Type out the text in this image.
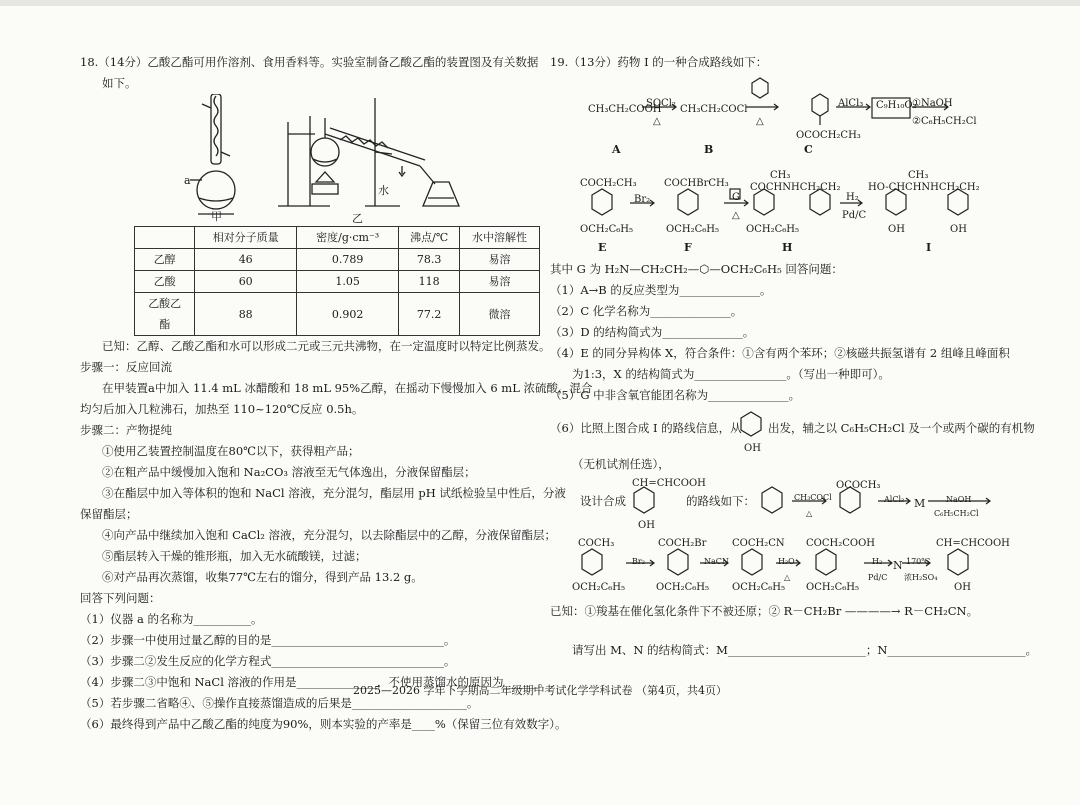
18.（14分）乙酸乙酯可用作溶剂、食用香料等。实验室制备乙酸乙酯的装置图及有关数据
如下。
a
甲	乙
水
	相对分子质量	密度/g·cm⁻³	沸点/℃	水中溶解性
乙醇	46	0.789	78.3	易溶
乙酸	60	1.05	118	易溶
乙酸乙酯	88	0.902	77.2	微溶
已知：乙醇、乙酸乙酯和水可以形成二元或三元共沸物，在一定温度时以特定比例蒸发。
步骤一：反应回流
在甲装置a中加入 11.4 mL 冰醋酸和 18 mL 95%乙醇，在摇动下慢慢加入 6 mL 浓硫酸，混合
均匀后加入几粒沸石，加热至 110~120℃反应 0.5h。
步骤二：产物提纯
①使用乙装置控制温度在80℃以下，获得粗产品；
②在粗产品中缓慢加入饱和 Na₂CO₃ 溶液至无气体逸出，分液保留酯层；
③在酯层中加入等体积的饱和 NaCl 溶液，充分混匀，酯层用 pH 试纸检验呈中性后，分液
保留酯层；
④向产品中继续加入饱和 CaCl₂ 溶液，充分混匀，以去除酯层中的乙醇，分液保留酯层；
⑤酯层转入干燥的锥形瓶，加入无水硫酸镁，过滤；
⑥对产品再次蒸馏，收集77℃左右的馏分，得到产品 13.2 g。
回答下列问题：
（1）仪器 a 的名称为__________。
（2）步骤一中使用过量乙醇的目的是______________________________。
（3）步骤二②发生反应的化学方程式______________________________。
（4）步骤二③中饱和 NaCl 溶液的作用是______________，不使用蒸馏水的原因为______。
（5）若步骤二省略④、⑤操作直接蒸馏造成的后果是____________________。
（6）最终得到产品中乙酸乙酯的纯度为90%，则本实验的产率是____%（保留三位有效数字）。
19.（13分）药物 I 的一种合成路线如下：
CH₃CH₂COOH
SOCl₂
△
CH₃CH₂COCl
△
OCOCH₂CH₃
AlCl₃ C₉H₁₀O₂
①NaOH
②C₆H₅CH₂Cl
A	B	C
COCH₂CH₃
OCH₂C₆H₅
Br₂
COCHBrCH₃
OCH₂C₆H₅
G
△
CH₃
COCHNHCH₂CH₂
OCH₂C₆H₅
H₂
Pd/C
CH₃
HO-CHCHNHCH₂CH₂
OH	OH
E	F	H	I
其中 G 为 H₂N—CH₂CH₂—⬡—OCH₂C₆H₅ 回答问题：
（1）A→B 的反应类型为______________。
（2）C 化学名称为______________。
（3）D 的结构简式为______________。
（4）E 的同分异构体 X，符合条件：①含有两个苯环；②核磁共振氢谱有 2 组峰且峰面积
为1:3，X 的结构简式为________________。（写出一种即可）。
（5）G 中非含氧官能团名称为______________。
（6）比照上图合成 I 的路线信息，从
OH
出发，辅之以 C₆H₅CH₂Cl 及一个或两个碳的有机物
（无机试剂任选），
CH=CHCOOH
OH
设计合成	的路线如下：	CH₃COCl
△
OCOCH₃
AlCl₃ M	NaOH
C₆H₅CH₂Cl
COCH₃
OCH₂C₆H₅
Br₂
COCH₂Br
OCH₂C₆H₅
NaCN
COCH₂CN
OCH₂C₆H₅
H₃O⁺
△
COCH₂COOH
OCH₂C₆H₅
H₂
Pd/C
N 170℃
浓H₂SO₄
CH=CHCOOH
OH
已知：①羧基在催化氢化条件下不被还原；② R－CH₂Br ————→ R－CH₂CN。
请写出 M、N 的结构简式：M________________________；N________________________。
2025—2026 学年下学期高二年级期中考试化学学科试卷 （第4页，共4页）
